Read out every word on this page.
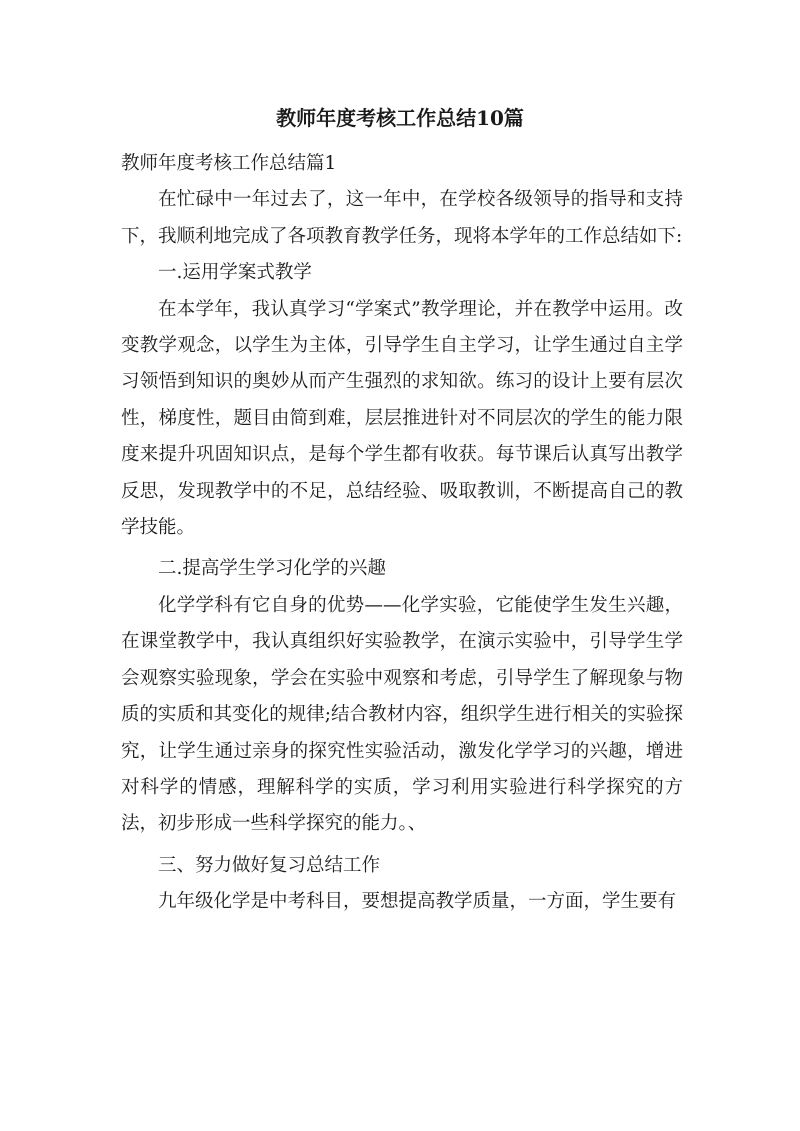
教师年度考核工作总结10篇

教师年度考核工作总结篇1

在忙碌中一年过去了，这一年中，在学校各级领导的指导和支持下，我顺利地完成了各项教育教学任务，现将本学年的工作总结如下:

一.运用学案式教学

在本学年，我认真学习“学案式”教学理论，并在教学中运用。改变教学观念，以学生为主体，引导学生自主学习，让学生通过自主学习领悟到知识的奥妙从而产生强烈的求知欲。练习的设计上要有层次性，梯度性，题目由简到难，层层推进针对不同层次的学生的能力限度来提升巩固知识点，是每个学生都有收获。每节课后认真写出教学反思，发现教学中的不足，总结经验、吸取教训，不断提高自己的教学技能。

二.提高学生学习化学的兴趣

化学学科有它自身的优势——化学实验，它能使学生发生兴趣，在课堂教学中，我认真组织好实验教学，在演示实验中，引导学生学会观察实验现象，学会在实验中观察和考虑，引导学生了解现象与物质的实质和其变化的规律;结合教材内容，组织学生进行相关的实验探究，让学生通过亲身的探究性实验活动，激发化学学习的兴趣，增进对科学的情感，理解科学的实质，学习利用实验进行科学探究的方法，初步形成一些科学探究的能力。、

三、努力做好复习总结工作

九年级化学是中考科目，要想提高教学质量，一方面，学生要有
